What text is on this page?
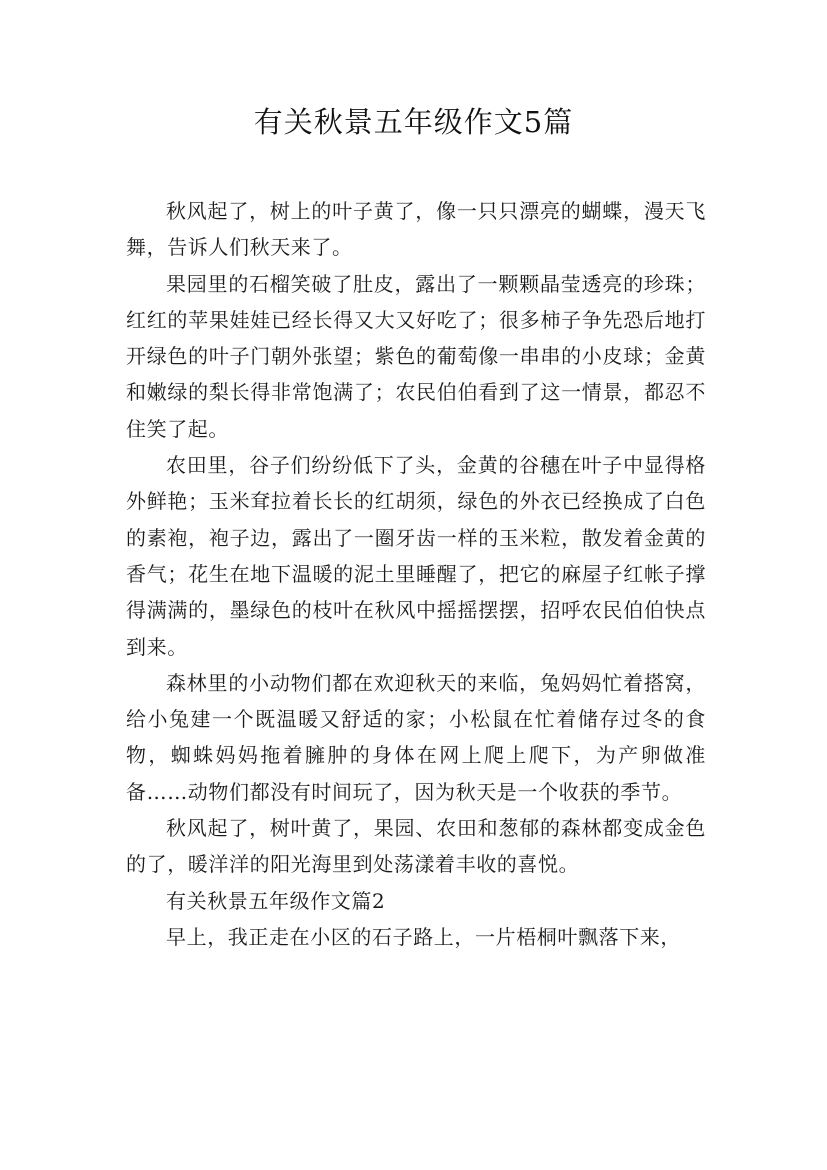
有关秋景五年级作文5篇

秋风起了，树上的叶子黄了，像一只只漂亮的蝴蝶，漫天飞舞，告诉人们秋天来了。

果园里的石榴笑破了肚皮，露出了一颗颗晶莹透亮的珍珠；红红的苹果娃娃已经长得又大又好吃了；很多柿子争先恐后地打开绿色的叶子门朝外张望；紫色的葡萄像一串串的小皮球；金黄和嫩绿的梨长得非常饱满了；农民伯伯看到了这一情景，都忍不住笑了起。

农田里，谷子们纷纷低下了头，金黄的谷穗在叶子中显得格外鲜艳；玉米耷拉着长长的红胡须，绿色的外衣已经换成了白色的素袍，袍子边，露出了一圈牙齿一样的玉米粒，散发着金黄的香气；花生在地下温暖的泥土里睡醒了，把它的麻屋子红帐子撑得满满的，墨绿色的枝叶在秋风中摇摇摆摆，招呼农民伯伯快点到来。

森林里的小动物们都在欢迎秋天的来临，兔妈妈忙着搭窝，给小兔建一个既温暖又舒适的家；小松鼠在忙着储存过冬的食物，蜘蛛妈妈拖着臃肿的身体在网上爬上爬下，为产卵做准备……动物们都没有时间玩了，因为秋天是一个收获的季节。

秋风起了，树叶黄了，果园、农田和葱郁的森林都变成金色的了，暖洋洋的阳光海里到处荡漾着丰收的喜悦。

有关秋景五年级作文篇2

早上，我正走在小区的石子路上，一片梧桐叶飘落下来，
